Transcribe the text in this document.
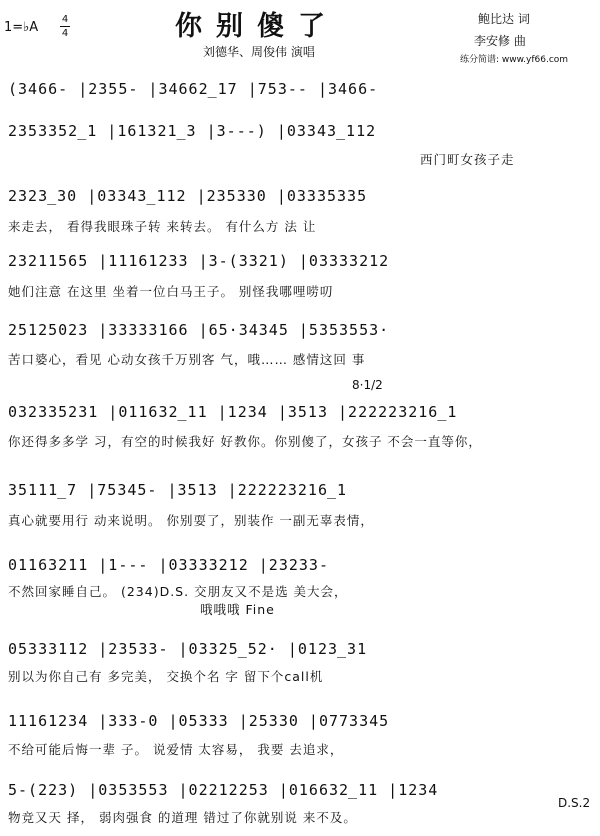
1=♭A
4
4	你别傻了
刘德华、周俊伟 演唱
鲍比达 词
李安修 曲
练分简谱: www.yf66.com
(3466- |2355- |34662̲17 |753-- |3466-
2353352̲1 |161321̲3 |3---) |03343̲112
西门町女孩子走
2323̲30 |03343̲112 |235330 |03335335
来走去， 看得我眼珠子转 来转去。 有什么方 法 让
23211565 |11161233 |3-(3321) |03333212
她们注意 在这里 坐着一位白马王子。 别怪我哪哩唠叨
25125023 |33333166 |65·34345 |5353553·
苦口婆心，看见 心动女孩千万别客 气，哦…… 感情这回 事
8·1/2
032335231 |011632̲11 |1234 |3513 |222223216̲1
你还得多多学 习，有空的时候我好 好教你。你别傻了，女孩子 不会一直等你，
35111̲7 |75345- |3513 |222223216̲1
真心就要用行 动来说明。 你别耍了，别装作 一副无辜表情，
01163211 |1--- |03333212 |23233-
不然回家睡自己。 (234)D.S. 交朋友又不是选 美大会，
哦哦哦 Fine
05333112 |23533- |03325̲52· |0123̲31
别以为你自己有 多完美， 交换个名 字 留下个call机
11161234 |333-0 |05333 |25330 |0773345
不给可能后悔一辈 子。 说爱情 太容易， 我要 去追求，
5-(223) |0353553 |02212253 |016632̲11 |1234
物竞又天 择， 弱肉强食 的道理 错过了你就别说 来不及。
D.S.2
